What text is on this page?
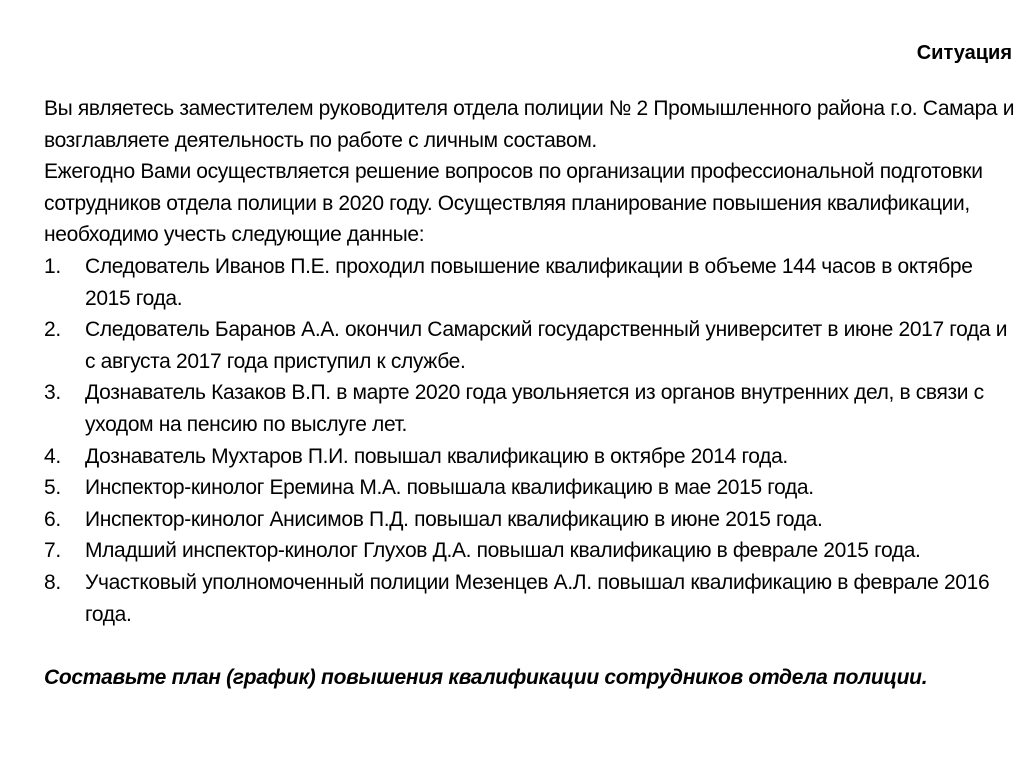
Ситуация

Вы являетесь заместителем руководителя отдела полиции № 2 Промышленного района г.о. Самара и возглавляете деятельность по работе с личным составом.

Ежегодно Вами осуществляется решение вопросов по организации профессиональной подготовки сотрудников отдела полиции в 2020 году. Осуществляя планирование повышения квалификации, необходимо учесть следующие данные:

1. Следователь Иванов П.Е. проходил повышение квалификации в объеме 144 часов в октябре 2015 года.
2. Следователь Баранов А.А. окончил Самарский государственный университет в июне 2017 года и с августа 2017 года приступил к службе.
3. Дознаватель Казаков В.П. в марте 2020 года увольняется из органов внутренних дел, в связи с уходом на пенсию по выслуге лет.
4. Дознаватель Мухтаров П.И. повышал квалификацию в октябре 2014 года.
5. Инспектор-кинолог Еремина М.А. повышала квалификацию в мае 2015 года.
6. Инспектор-кинолог Анисимов П.Д. повышал квалификацию в июне 2015 года.
7. Младший инспектор-кинолог Глухов Д.А. повышал квалификацию в феврале 2015 года.
8. Участковый уполномоченный полиции Мезенцев А.Л. повышал квалификацию в феврале 2016 года.

Составьте план (график) повышения квалификации сотрудников отдела полиции.
